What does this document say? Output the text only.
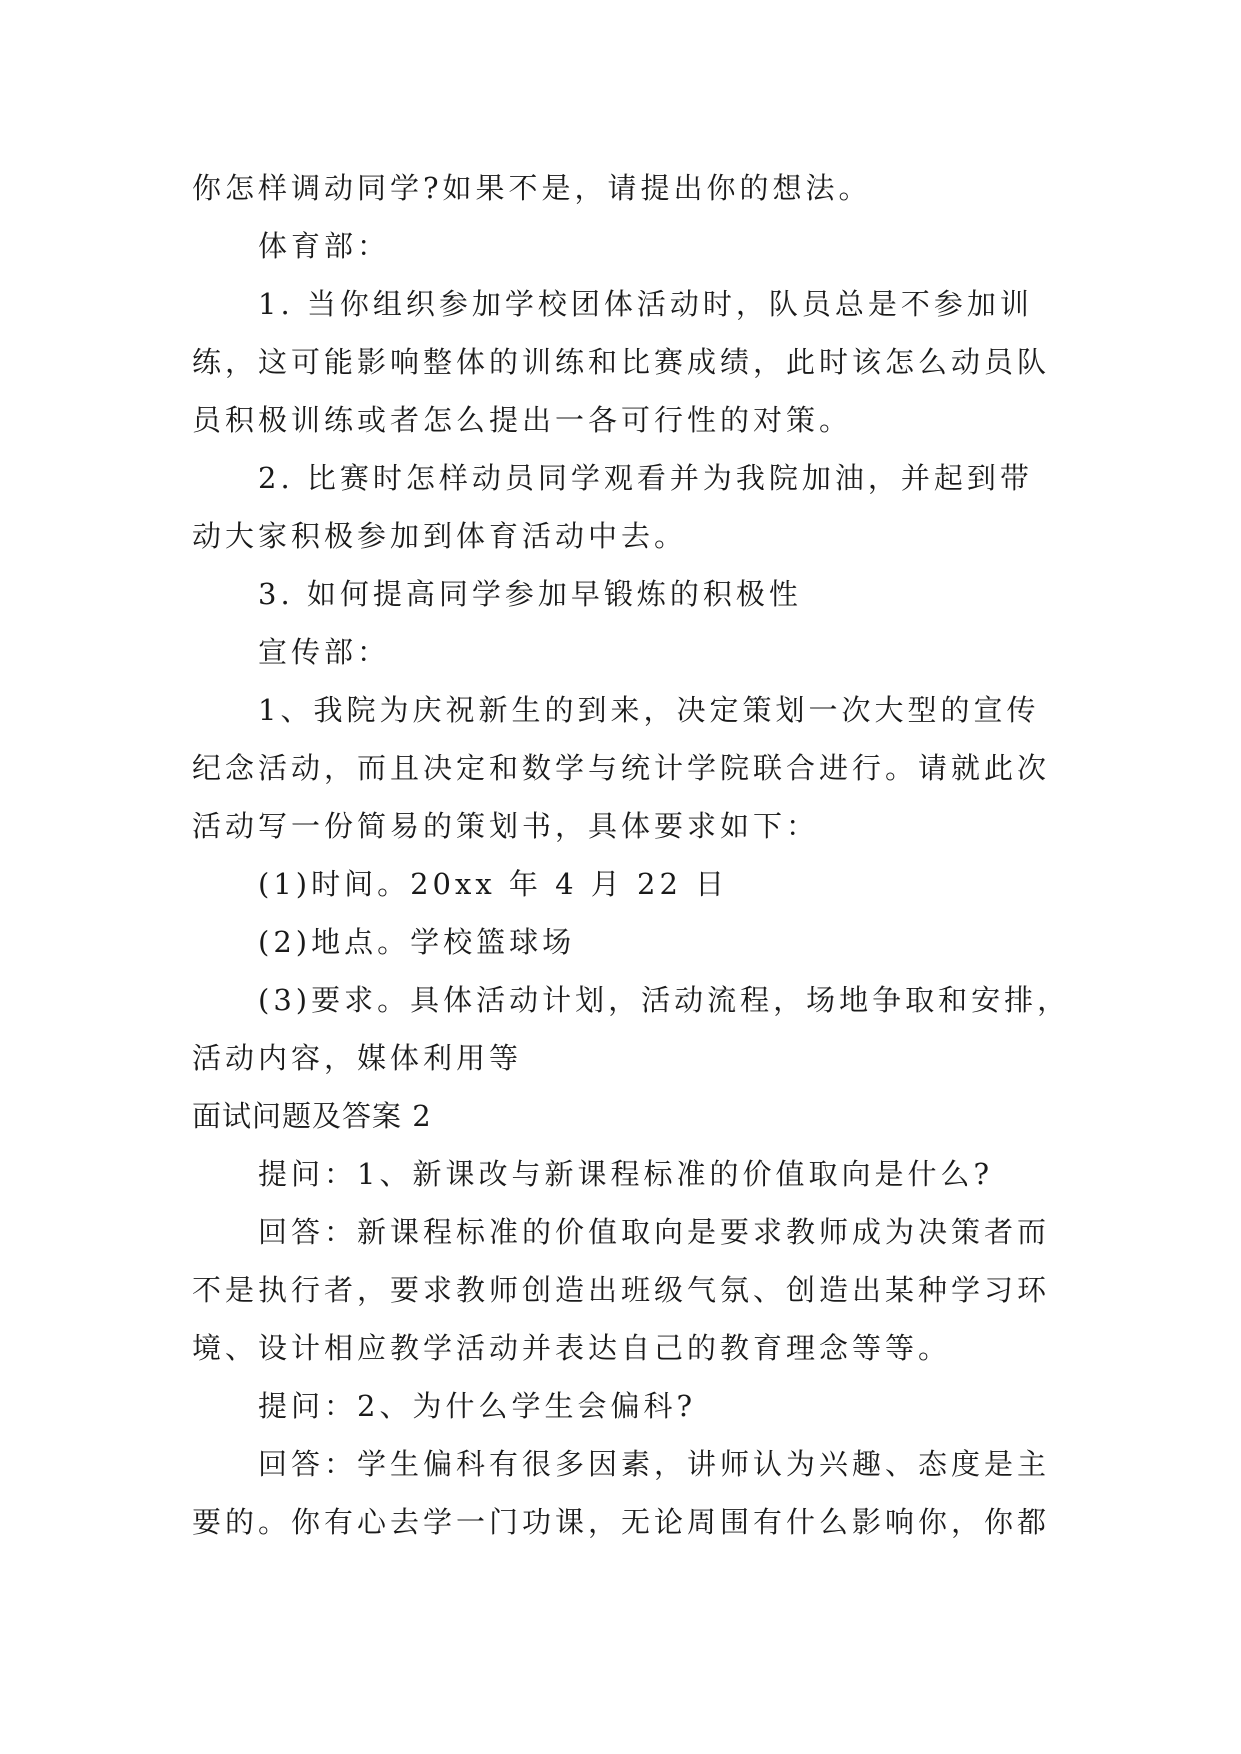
你怎样调动同学?如果不是，请提出你的想法。
体育部：
1. 当你组织参加学校团体活动时，队员总是不参加训
练，这可能影响整体的训练和比赛成绩，此时该怎么动员队
员积极训练或者怎么提出一各可行性的对策。
2. 比赛时怎样动员同学观看并为我院加油，并起到带
动大家积极参加到体育活动中去。
3. 如何提高同学参加早锻炼的积极性
宣传部：
1、我院为庆祝新生的到来，决定策划一次大型的宣传
纪念活动，而且决定和数学与统计学院联合进行。请就此次
活动写一份简易的策划书，具体要求如下：
(1)时间。20xx 年 4 月 22 日
(2)地点。学校篮球场
(3)要求。具体活动计划，活动流程，场地争取和安排，
活动内容，媒体利用等
面试问题及答案 2
提问：1、新课改与新课程标准的价值取向是什么?
回答：新课程标准的价值取向是要求教师成为决策者而
不是执行者，要求教师创造出班级气氛、创造出某种学习环
境、设计相应教学活动并表达自己的教育理念等等。
提问：2、为什么学生会偏科?
回答：学生偏科有很多因素，讲师认为兴趣、态度是主
要的。你有心去学一门功课，无论周围有什么影响你，你都
